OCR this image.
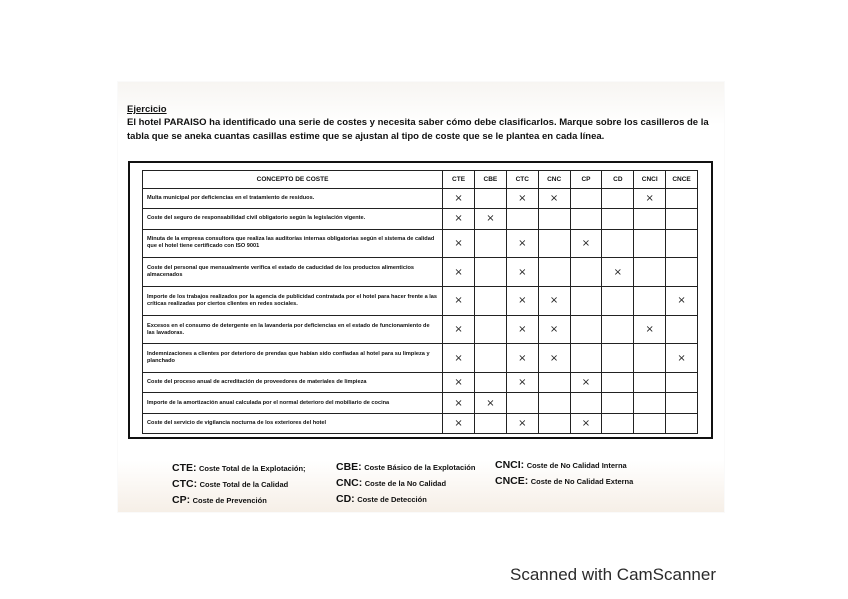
Ejercicio
El hotel PARAISO ha identificado una serie de costes y necesita saber cómo debe clasificarlos. Marque sobre los casilleros de la tabla que se aneka cuantas casillas estime que se ajustan al tipo de coste que se le plantea en cada línea.
CONCEPTO DE COSTE	CTE	CBE	CTC	CNC	CP	CD	CNCI	CNCE
Multa municipal por deficiencias en el tratamiento de residuos.	×		×	×			×	
Coste del seguro de responsabilidad civil obligatorio según la legislación vigente.	×	×						
Minuta de la empresa consultora que realiza las auditorías internas obligatorias según el sistema de calidad que el hotel tiene certificado con ISO 9001	×		×		×			
Coste del personal que mensualmente verifica el estado de caducidad de los productos alimenticios almacenados	×		×			×		
Importe de los trabajos realizados por la agencia de publicidad contratada por el hotel para hacer frente a las críticas realizadas por ciertos clientes en redes sociales.	×		×	×				×
Excesos en el consumo de detergente en la lavandería por deficiencias en el estado de funcionamiento de las lavadoras.	×		×	×			×	
Indemnizaciones a clientes por deterioro de prendas que habían sido confiadas al hotel para su limpieza y planchado	×		×	×				×
Coste del proceso anual de acreditación de proveedores de materiales de limpieza	×		×		×			
Importe de la amortización anual calculada por el normal deterioro del mobiliario de cocina	×	×						
Coste del servicio de vigilancia nocturna de los exteriores del hotel	×		×		×			
CTE: Coste Total de la Explotación;	CBE: Coste Básico de la Explotación CNCI: Coste de No Calidad Interna
CTC: Coste Total de la Calidad	CNC: Coste de la No Calidad	CNCE: Coste de No Calidad Externa
CP: Coste de Prevención	CD: Coste de Detección
Scanned with CamScanner
